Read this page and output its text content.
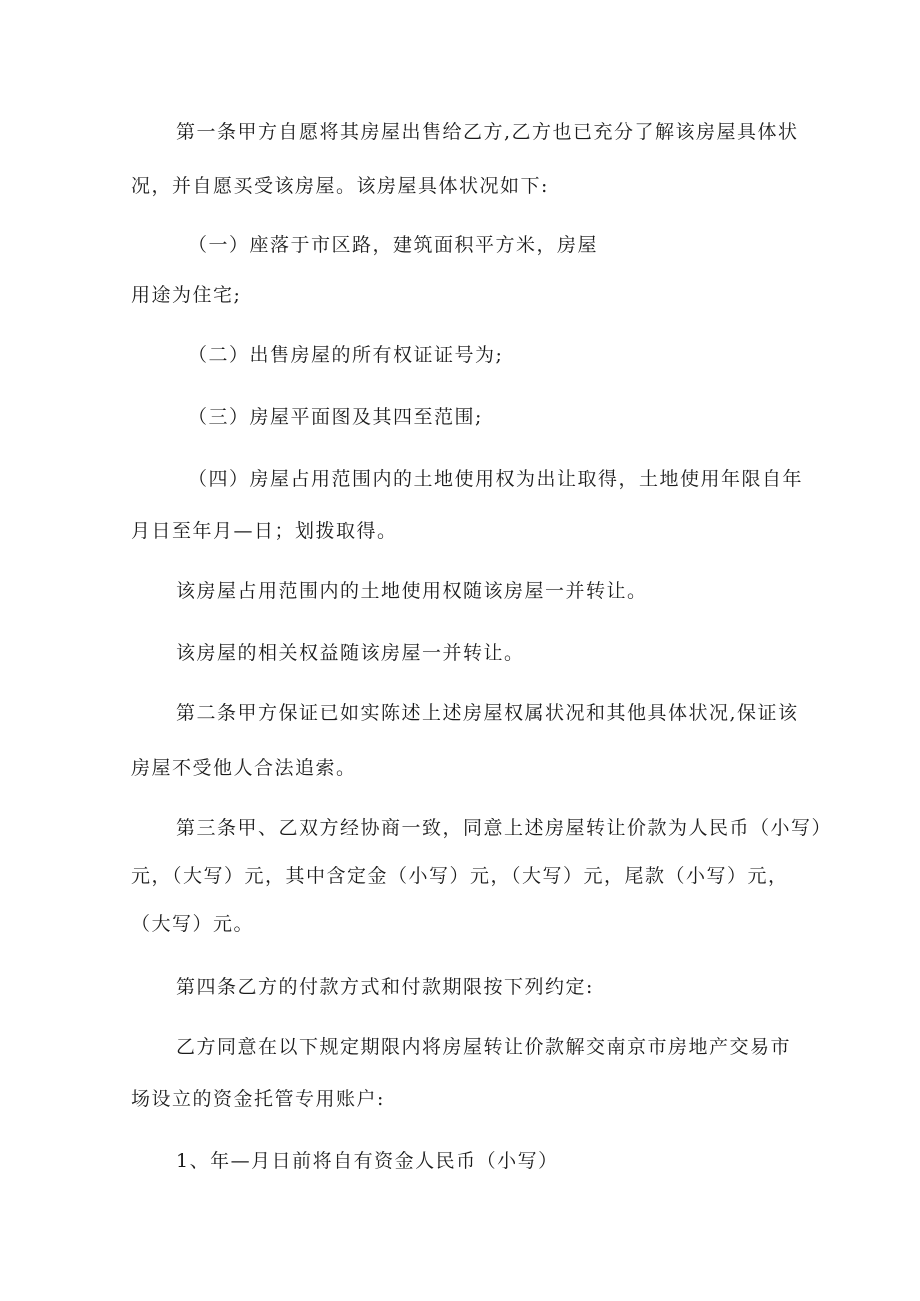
第一条甲方自愿将其房屋出售给乙方,乙方也已充分了解该房屋具体状
况，并自愿买受该房屋。该房屋具体状况如下:
（一）座落于市区路，建筑面积平方米，房屋
用途为住宅;
（二）出售房屋的所有权证证号为;
（三）房屋平面图及其四至范围;
（四）房屋占用范围内的土地使用权为出让取得，土地使用年限自年
月日至年月—日；划拨取得。
该房屋占用范围内的土地使用权随该房屋一并转让。
该房屋的相关权益随该房屋一并转让。
第二条甲方保证已如实陈述上述房屋权属状况和其他具体状况,保证该
房屋不受他人合法追索。
第三条甲、乙双方经协商一致，同意上述房屋转让价款为人民币（小写）
元，（大写）元，其中含定金（小写）元，（大写）元，尾款（小写）元，
（大写）元。
第四条乙方的付款方式和付款期限按下列约定:
乙方同意在以下规定期限内将房屋转让价款解交南京市房地产交易市
场设立的资金托管专用账户:
1、年—月日前将自有资金人民币（小写）
